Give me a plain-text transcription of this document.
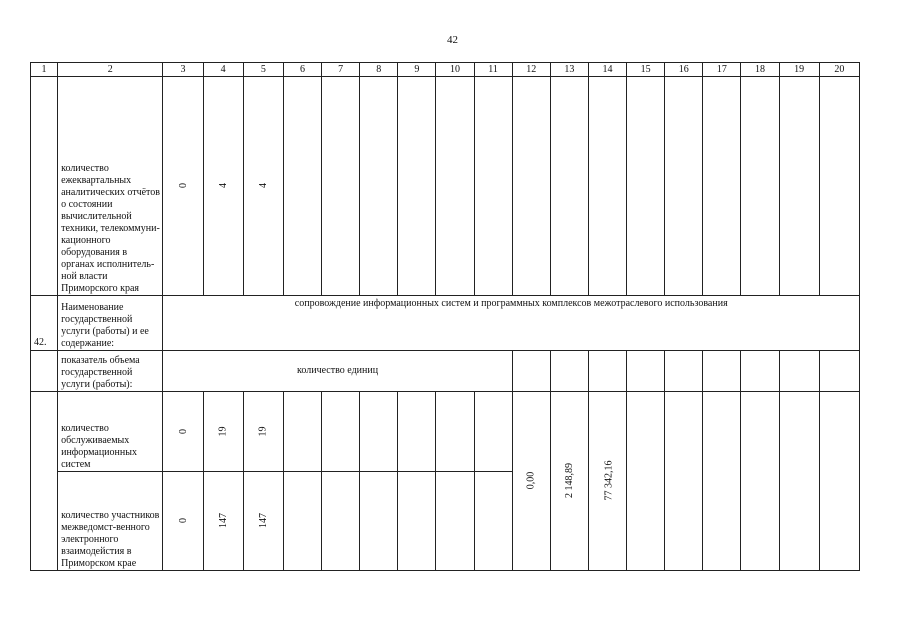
42
1	2	3	4	5	6	7	8	9	10	11	12	13	14	15	16	17	18	19	20
	количество ежеквартальных аналитических отчётов о состоянии вычислительной техники, телекоммуни-кационного оборудования в органах исполнитель-ной власти Приморского края	0	4	4															
42.	Наименование государственной услуги (работы) и ее содержание:	сопровождение информационных систем и программных комплексов межотраслевого использования																	
	показатель объема государственной услуги (работы):	количество единиц																	
	количество обслуживаемых информационных систем	0	19	19							0,00	2 148,89	77 342,16						
	количество участников межведомст-венного электронного взаимодейстия в Приморском крае	0	147	147															
